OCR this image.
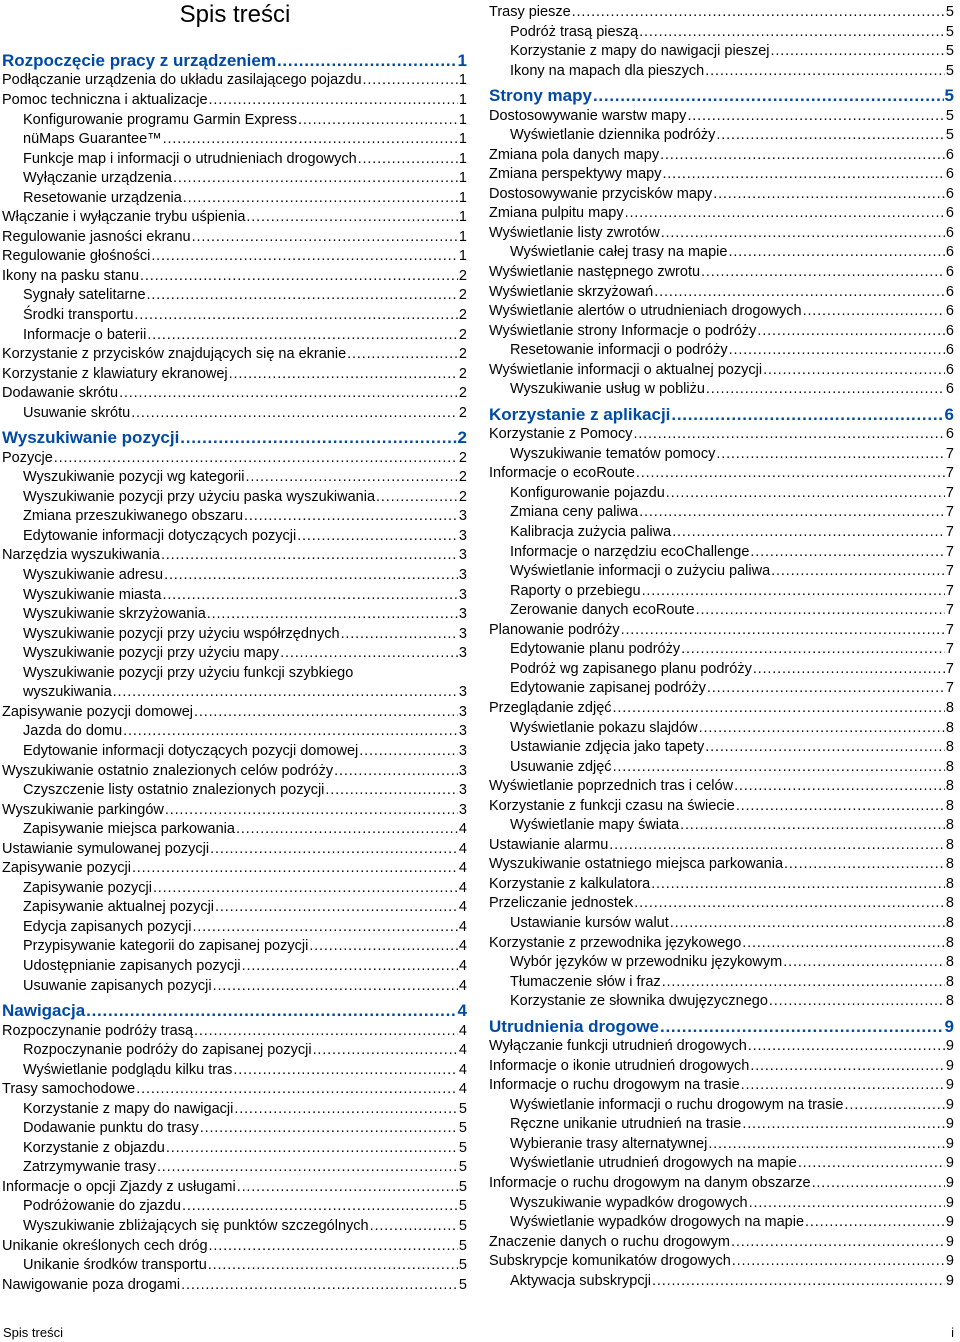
Spis treści
Rozpoczęcie pracy z urządzeniem . . .	1
Podłączanie urządzenia do układu zasilającego pojazdu . . .	1
Pomoc techniczna i aktualizacje . . .	1
Konfigurowanie programu Garmin Express . . .	1
nüMaps Guarantee™ . . .	1
Funkcje map i informacji o utrudnieniach drogowych . . .	1
Wyłączanie urządzenia . . .	1
Resetowanie urządzenia . . .	1
Włączanie i wyłączanie trybu uśpienia . . .	1
Regulowanie jasności ekranu . . .	1
Regulowanie głośności . . .	1
Ikony na pasku stanu . . .	2
Sygnały satelitarne . . .	2
Środki transportu . . .	2
Informacje o baterii . . .	2
Korzystanie z przycisków znajdujących się na ekranie . . .	2
Korzystanie z klawiatury ekranowej . . .	2
Dodawanie skrótu . . .	2
Usuwanie skrótu . . .	2
Wyszukiwanie pozycji . . .	2
Pozycje . . .	2
Wyszukiwanie pozycji wg kategorii . . .	2
Wyszukiwanie pozycji przy użyciu paska wyszukiwania . . .	2
Zmiana przeszukiwanego obszaru . . .	3
Edytowanie informacji dotyczących pozycji . . .	3
Narzędzia wyszukiwania . . .	3
Wyszukiwanie adresu . . .	3
Wyszukiwanie miasta . . .	3
Wyszukiwanie skrzyżowania . . .	3
Wyszukiwanie pozycji przy użyciu współrzędnych . . .	3
Wyszukiwanie pozycji przy użyciu mapy . . .	3
Wyszukiwanie pozycji przy użyciu funkcji szybkiego
wyszukiwania . . .	3
Zapisywanie pozycji domowej . . .	3
Jazda do domu . . .	3
Edytowanie informacji dotyczących pozycji domowej . . .	3
Wyszukiwanie ostatnio znalezionych celów podróży . . .	3
Czyszczenie listy ostatnio znalezionych pozycji . . .	3
Wyszukiwanie parkingów . . .	3
Zapisywanie miejsca parkowania . . .	4
Ustawianie symulowanej pozycji . . .	4
Zapisywanie pozycji . . .	4
Zapisywanie pozycji . . .	4
Zapisywanie aktualnej pozycji . . .	4
Edycja zapisanych pozycji . . .	4
Przypisywanie kategorii do zapisanej pozycji . . .	4
Udostępnianie zapisanych pozycji . . .	4
Usuwanie zapisanych pozycji . . .	4
Nawigacja . . .	4
Rozpoczynanie podróży trasą . . .	4
Rozpoczynanie podróży do zapisanej pozycji . . .	4
Wyświetlanie podglądu kilku tras . . .	4
Trasy samochodowe . . .	4
Korzystanie z mapy do nawigacji . . .	5
Dodawanie punktu do trasy . . .	5
Korzystanie z objazdu . . .	5
Zatrzymywanie trasy . . .	5
Informacje o opcji Zjazdy z usługami . . .	5
Podróżowanie do zjazdu . . .	5
Wyszukiwanie zbliżających się punktów szczególnych . . .	5
Unikanie określonych cech dróg . . .	5
Unikanie środków transportu . . .	5
Nawigowanie poza drogami . . .	5
Trasy piesze . . .	5
Podróż trasą pieszą . . .	5
Korzystanie z mapy do nawigacji pieszej . . .	5
Ikony na mapach dla pieszych . . .	5
Strony mapy . . .	5
Dostosowywanie warstw mapy . . .	5
Wyświetlanie dziennika podróży . . .	5
Zmiana pola danych mapy . . .	6
Zmiana perspektywy mapy . . .	6
Dostosowywanie przycisków mapy . . .	6
Zmiana pulpitu mapy . . .	6
Wyświetlanie listy zwrotów . . .	6
Wyświetlanie całej trasy na mapie . . .	6
Wyświetlanie następnego zwrotu . . .	6
Wyświetlanie skrzyżowań . . .	6
Wyświetlanie alertów o utrudnieniach drogowych . . .	6
Wyświetlanie strony Informacje o podróży . . .	6
Resetowanie informacji o podróży . . .	6
Wyświetlanie informacji o aktualnej pozycji . . .	6
Wyszukiwanie usług w pobliżu . . .	6
Korzystanie z aplikacji . . .	6
Korzystanie z Pomocy . . .	6
Wyszukiwanie tematów pomocy . . .	7
Informacje o ecoRoute . . .	7
Konfigurowanie pojazdu . . .	7
Zmiana ceny paliwa . . .	7
Kalibracja zużycia paliwa . . .	7
Informacje o narzędziu ecoChallenge . . .	7
Wyświetlanie informacji o zużyciu paliwa . . .	7
Raporty o przebiegu . . .	7
Zerowanie danych ecoRoute . . .	7
Planowanie podróży . . .	7
Edytowanie planu podróży . . .	7
Podróż wg zapisanego planu podróży . . .	7
Edytowanie zapisanej podróży . . .	7
Przeglądanie zdjęć . . .	8
Wyświetlanie pokazu slajdów . . .	8
Ustawianie zdjęcia jako tapety . . .	8
Usuwanie zdjęć . . .	8
Wyświetlanie poprzednich tras i celów . . .	8
Korzystanie z funkcji czasu na świecie . . .	8
Wyświetlanie mapy świata . . .	8
Ustawianie alarmu . . .	8
Wyszukiwanie ostatniego miejsca parkowania . . .	8
Korzystanie z kalkulatora . . .	8
Przeliczanie jednostek . . .	8
Ustawianie kursów walut . . .	8
Korzystanie z przewodnika językowego . . .	8
Wybór języków w przewodniku językowym . . .	8
Tłumaczenie słów i fraz . . .	8
Korzystanie ze słownika dwujęzycznego . . .	8
Utrudnienia drogowe . . .	9
Wyłączanie funkcji utrudnień drogowych . . .	9
Informacje o ikonie utrudnień drogowych . . .	9
Informacje o ruchu drogowym na trasie . . .	9
Wyświetlanie informacji o ruchu drogowym na trasie . . .	9
Ręczne unikanie utrudnień na trasie . . .	9
Wybieranie trasy alternatywnej . . .	9
Wyświetlanie utrudnień drogowych na mapie . . .	9
Informacje o ruchu drogowym na danym obszarze . . .	9
Wyszukiwanie wypadków drogowych . . .	9
Wyświetlanie wypadków drogowych na mapie . . .	9
Znaczenie danych o ruchu drogowym . . .	9
Subskrypcje komunikatów drogowych . . .	9
Aktywacja subskrypcji . . .	9
Spis treści	i
